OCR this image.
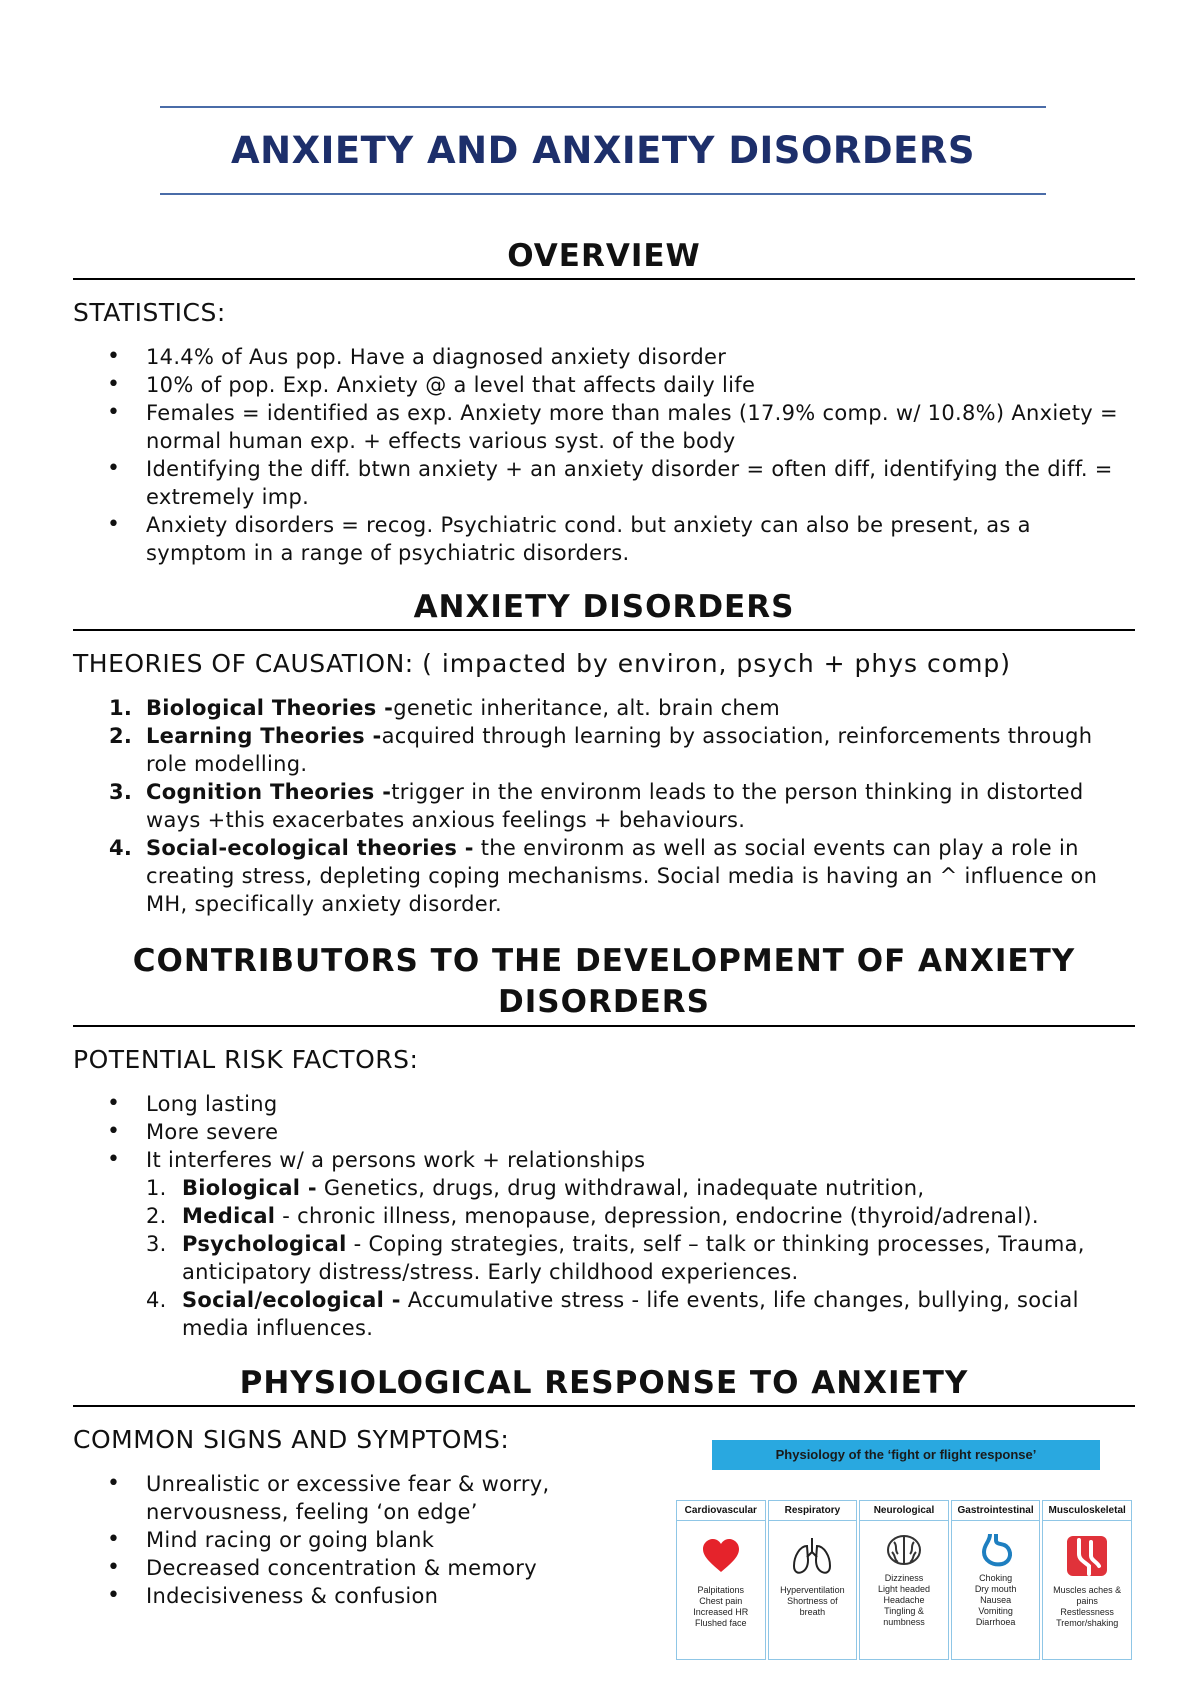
ANXIETY AND ANXIETY DISORDERS
OVERVIEW
STATISTICS:
• 14.4% of Aus pop. Have a diagnosed anxiety disorder
• 10% of pop. Exp. Anxiety @ a level that affects daily life
• Females = identified as exp. Anxiety more than males (17.9% comp. w/ 10.8%) Anxiety = normal human exp. + effects various syst. of the body
• Identifying the diff. btwn anxiety + an anxiety disorder = often diff, identifying the diff. = extremely imp.
• Anxiety disorders = recog. Psychiatric cond. but anxiety can also be present, as a symptom in a range of psychiatric disorders.
ANXIETY DISORDERS
THEORIES OF CAUSATION: ( impacted by environ, psych + phys comp)
1. Biological Theories -genetic inheritance, alt. brain chem
2. Learning Theories -acquired through learning by association, reinforcements through role modelling.
3. Cognition Theories -trigger in the environm leads to the person thinking in distorted ways +this exacerbates anxious feelings + behaviours.
4. Social-ecological theories - the environm as well as social events can play a role in creating stress, depleting coping mechanisms. Social media is having an ^ influence on MH, specifically anxiety disorder.
CONTRIBUTORS TO THE DEVELOPMENT OF ANXIETY DISORDERS
POTENTIAL RISK FACTORS:
• Long lasting
• More severe
• It interferes w/ a persons work + relationships
1. Biological - Genetics, drugs, drug withdrawal, inadequate nutrition,
2. Medical - chronic illness, menopause, depression, endocrine (thyroid/adrenal).
3. Psychological - Coping strategies, traits, self – talk or thinking processes, Trauma, anticipatory distress/stress. Early childhood experiences.
4. Social/ecological - Accumulative stress - life events, life changes, bullying, social media influences.
PHYSIOLOGICAL RESPONSE TO ANXIETY
COMMON SIGNS AND SYMPTOMS:
• Unrealistic or excessive fear & worry, nervousness, feeling ‘on edge’
• Mind racing or going blank
• Decreased concentration & memory
• Indecisiveness & confusion
Physiology of the ‘fight or flight response’
Cardiovascular
Palpitations
Chest pain
Increased HR
Flushed face
Respiratory
Hyperventilation
Shortness of
breath
Neurological
Dizziness
Light headed
Headache
Tingling &
numbness
Gastrointestinal
Choking
Dry mouth
Nausea
Vomiting
Diarrhoea
Musculoskeletal
Muscles aches &
pains
Restlessness
Tremor/shaking
